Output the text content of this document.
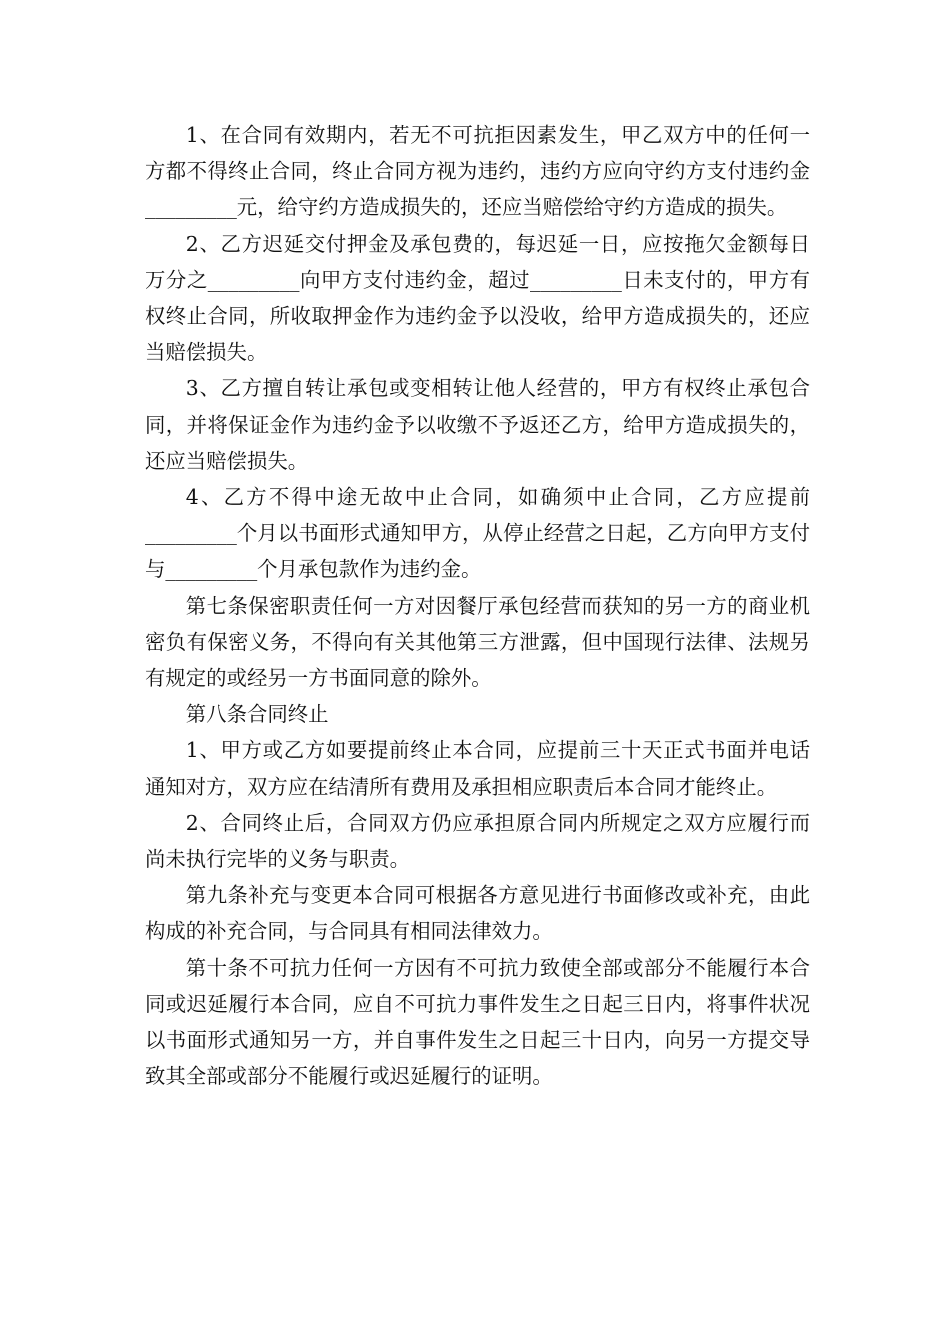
1、在合同有效期内，若无不可抗拒因素发生，甲乙双方中的任何一方都不得终止合同，终止合同方视为违约，违约方应向守约方支付违约金_________元，给守约方造成损失的，还应当赔偿给守约方造成的损失。

2、乙方迟延交付押金及承包费的，每迟延一日，应按拖欠金额每日万分之_________向甲方支付违约金，超过_________日未支付的，甲方有权终止合同，所收取押金作为违约金予以没收，给甲方造成损失的，还应当赔偿损失。

3、乙方擅自转让承包或变相转让他人经营的，甲方有权终止承包合同，并将保证金作为违约金予以收缴不予返还乙方，给甲方造成损失的，还应当赔偿损失。

4、乙方不得中途无故中止合同，如确须中止合同，乙方应提前_________个月以书面形式通知甲方，从停止经营之日起，乙方向甲方支付与_________个月承包款作为违约金。

第七条保密职责任何一方对因餐厅承包经营而获知的另一方的商业机密负有保密义务，不得向有关其他第三方泄露，但中国现行法律、法规另有规定的或经另一方书面同意的除外。

第八条合同终止

1、甲方或乙方如要提前终止本合同，应提前三十天正式书面并电话通知对方，双方应在结清所有费用及承担相应职责后本合同才能终止。

2、合同终止后，合同双方仍应承担原合同内所规定之双方应履行而尚未执行完毕的义务与职责。

第九条补充与变更本合同可根据各方意见进行书面修改或补充，由此构成的补充合同，与合同具有相同法律效力。

第十条不可抗力任何一方因有不可抗力致使全部或部分不能履行本合同或迟延履行本合同，应自不可抗力事件发生之日起三日内，将事件状况以书面形式通知另一方，并自事件发生之日起三十日内，向另一方提交导致其全部或部分不能履行或迟延履行的证明。
